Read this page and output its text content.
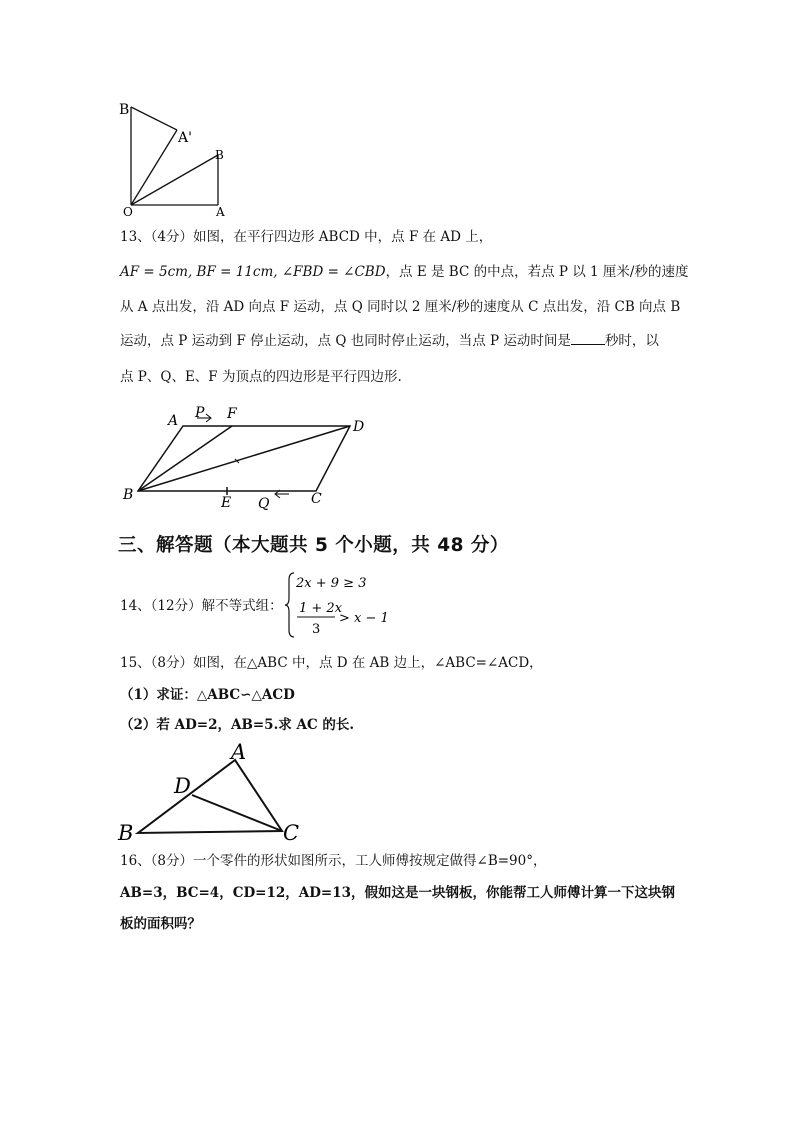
B
A'
B
O	A
13、（4分）如图，在平行四边形 ABCD 中，点 F 在 AD 上，
AF = 5cm, BF = 11cm, ∠FBD = ∠CBD，点 E 是 BC 的中点，若点 P 以 1 厘米/秒的速度
从 A 点出发，沿 AD 向点 F 运动，点 Q 同时以 2 厘米/秒的速度从 C 点出发，沿 CB 向点 B
运动，点 P 运动到 F 停止运动，点 Q 也同时停止运动，当点 P 运动时间是	秒时，以
点 P、Q、E、F 为顶点的四边形是平行四边形.
A P F
D
B	E Q	C
三、解答题（本大题共 5 个小题，共 48 分）
14、（12分）解不等式组：
2x + 9 ≥ 3
1 + 2x
3
> x − 1
15、（8分）如图，在△ABC 中，点 D 在 AB 边上，∠ABC=∠ACD，
（1）求证：△ABC∽△ACD
（2）若 AD=2，AB=5.求 AC 的长.
A
D
B	C
16、（8分）一个零件的形状如图所示，工人师傅按规定做得∠B=90°，
AB=3，BC=4，CD=12，AD=13，假如这是一块钢板，你能帮工人师傅计算一下这块钢
板的面积吗？
